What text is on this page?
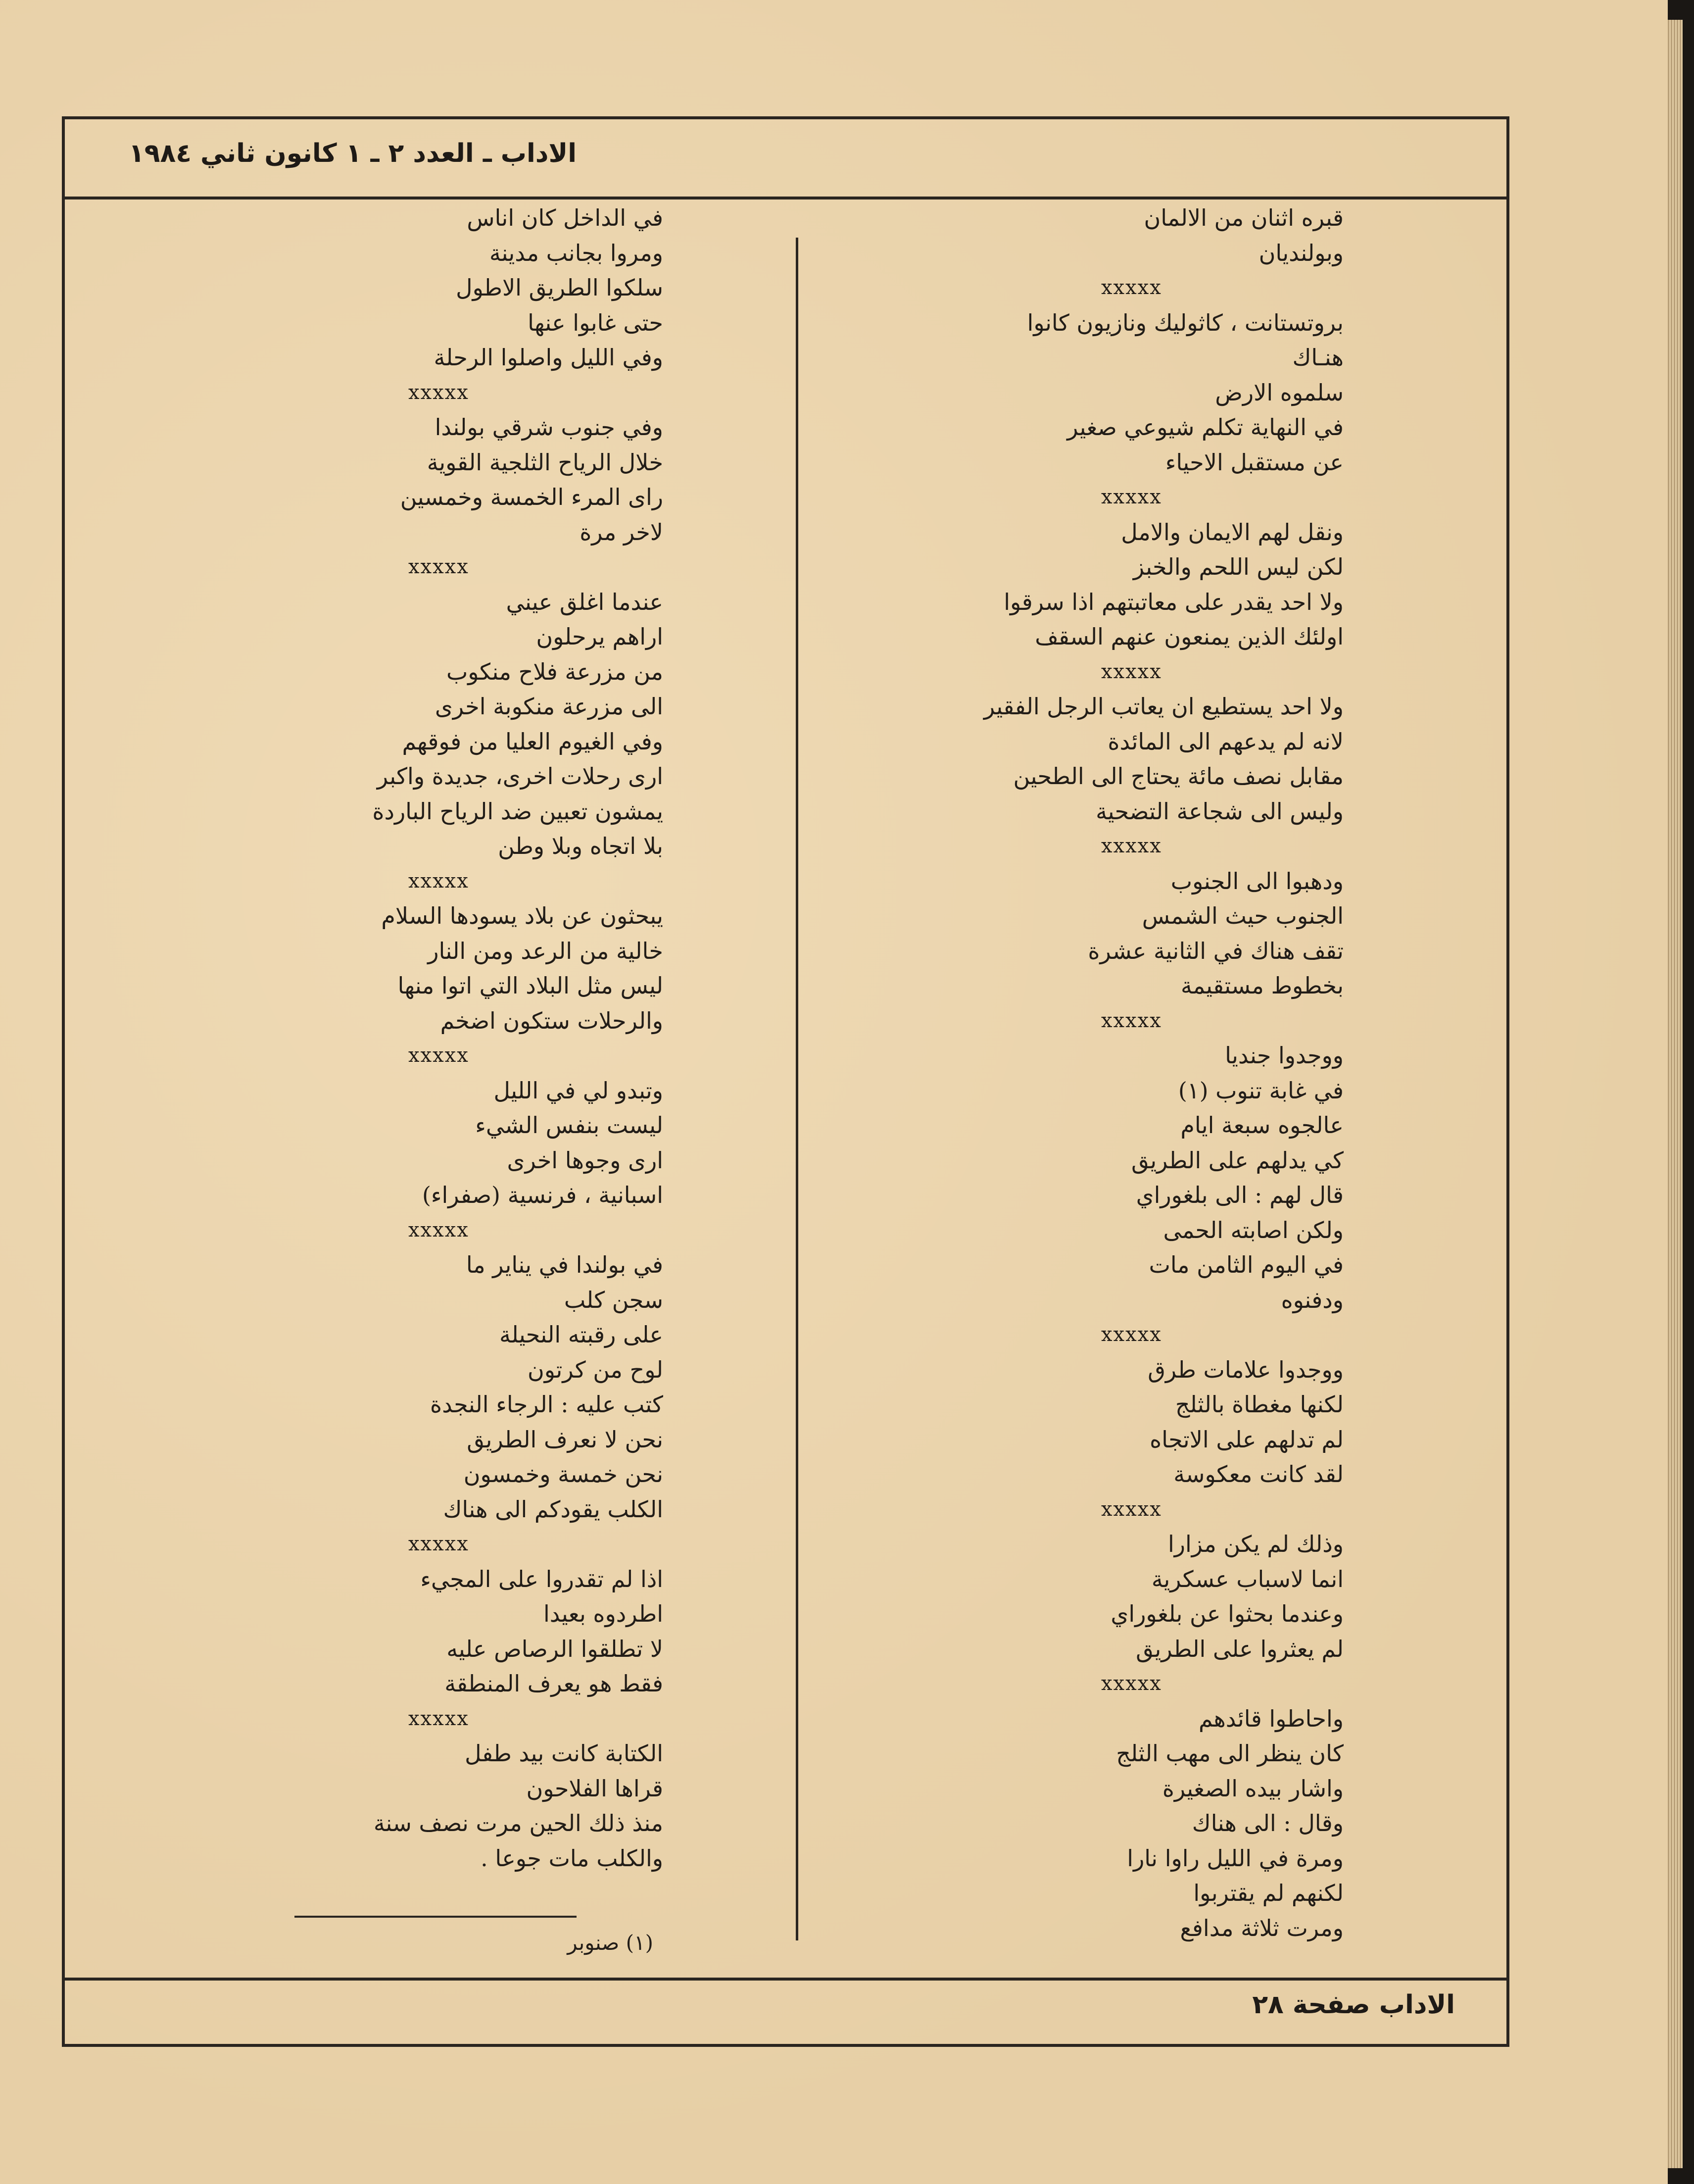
الاداب ـ العدد ٢ ـ ١ كانون ثاني ١٩٨٤
الاداب صفحة ٢٨
قبره اثنان من الالمان
وبولنديان
xxxxx
بروتستانت ، كاثوليك ونازيون كانوا
هنـاك
سلموه الارض
في النهاية تكلم شيوعي صغير
عن مستقبل الاحياء
xxxxx
ونقل لهم الايمان والامل
لكن ليس اللحم والخبز
ولا احد يقدر على معاتبتهم اذا سرقوا
اولئك الذين يمنعون عنهم السقف
xxxxx
ولا احد يستطيع ان يعاتب الرجل الفقير
لانه لم يدعهم الى المائدة
مقابل نصف مائة يحتاج الى الطحين
وليس الى شجاعة التضحية
xxxxx
ودهبوا الى الجنوب
الجنوب حيث الشمس
تقف هناك في الثانية عشرة
بخطوط مستقيمة
xxxxx
ووجدوا جنديا
في غابة تنوب (١)
عالجوه سبعة ايام
كي يدلهم على الطريق
قال لهم : الى بلغوراي
ولكن اصابته الحمى
في اليوم الثامن مات
ودفنوه
xxxxx
ووجدوا علامات طرق
لكنها مغطاة بالثلج
لم تدلهم على الاتجاه
لقد كانت معكوسة
xxxxx
وذلك لم يكن مزارا
انما لاسباب عسكرية
وعندما بحثوا عن بلغوراي
لم يعثروا على الطريق
xxxxx
واحاطوا قائدهم
كان ينظر الى مهب الثلج
واشار بيده الصغيرة
وقال : الى هناك
ومرة في الليل راوا نارا
لكنهم لم يقتربوا
ومرت ثلاثة مدافع
في الداخل كان اناس
ومروا بجانب مدينة
سلكوا الطريق الاطول
حتى غابوا عنها
وفي الليل واصلوا الرحلة
xxxxx
وفي جنوب شرقي بولندا
خلال الرياح الثلجية القوية
راى المرء الخمسة وخمسين
لاخر مرة
xxxxx
عندما اغلق عيني
اراهم يرحلون
من مزرعة فلاح منكوب
الى مزرعة منكوبة اخرى
وفي الغيوم العليا من فوقهم
ارى رحلات اخرى، جديدة واكبر
يمشون تعبين ضد الرياح الباردة
بلا اتجاه وبلا وطن
xxxxx
يبحثون عن بلاد يسودها السلام
خالية من الرعد ومن النار
ليس مثل البلاد التي اتوا منها
والرحلات ستكون اضخم
xxxxx
وتبدو لي في الليل
ليست بنفس الشيء
ارى وجوها اخرى
اسبانية ، فرنسية (صفراء)
xxxxx
في بولندا في يناير ما
سجن كلب
على رقبته النحيلة
لوح من كرتون
كتب عليه : الرجاء النجدة
نحن لا نعرف الطريق
نحن خمسة وخمسون
الكلب يقودكم الى هناك
xxxxx
اذا لم تقدروا على المجيء
اطردوه بعيدا
لا تطلقوا الرصاص عليه
فقط هو يعرف المنطقة
xxxxx
الكتابة كانت بيد طفل
قراها الفلاحون
منذ ذلك الحين مرت نصف سنة
والكلب مات جوعا .
(١) صنوبر
